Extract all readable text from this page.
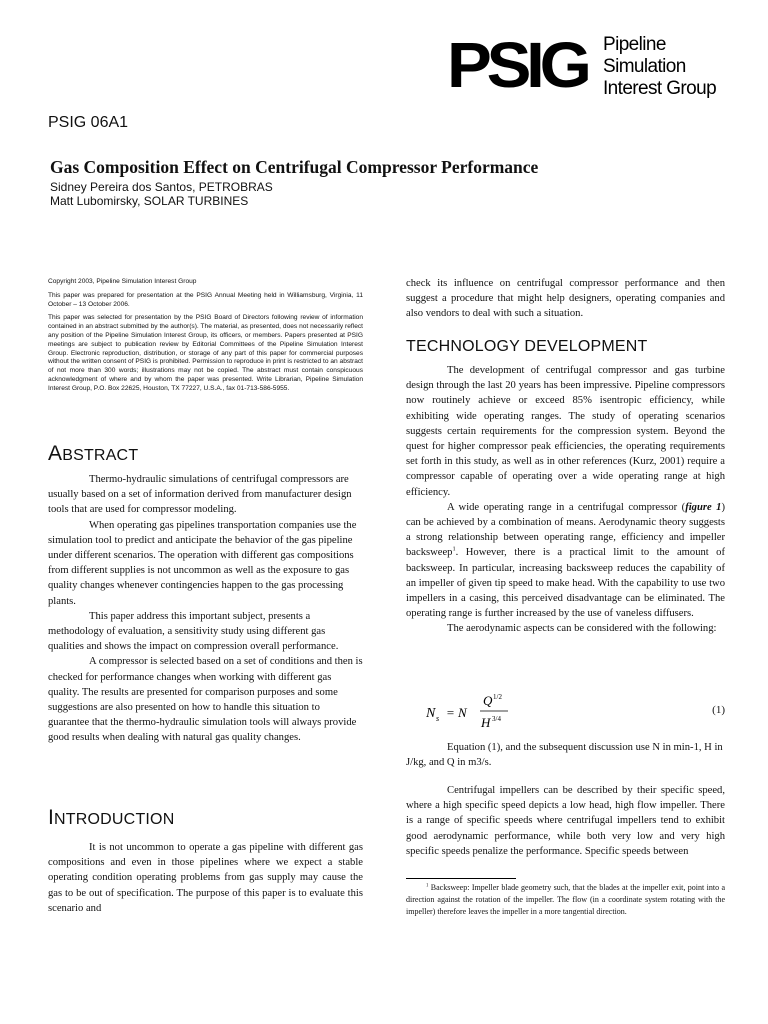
PSIG Pipeline
Simulation
Interest Group
PSIG 06A1
Gas Composition Effect on Centrifugal Compressor Performance
Sidney Pereira dos Santos, PETROBRAS
Matt Lubomirsky, SOLAR TURBINES

Copyright 2003, Pipeline Simulation Interest Group

This paper was prepared for presentation at the PSIG Annual Meeting held in Williamsburg, Virginia, 11 October – 13 October 2006.

This paper was selected for presentation by the PSIG Board of Directors following review of information contained in an abstract submitted by the author(s). The material, as presented, does not necessarily reflect any position of the Pipeline Simulation Interest Group, its officers, or members. Papers presented at PSIG meetings are subject to publication review by Editorial Committees of the Pipeline Simulation Interest Group. Electronic reproduction, distribution, or storage of any part of this paper for commercial purposes without the written consent of PSIG is prohibited. Permission to reproduce in print is restricted to an abstract of not more than 300 words; illustrations may not be copied. The abstract must contain conspicuous acknowledgment of where and by whom the paper was presented. Write Librarian, Pipeline Simulation Interest Group, P.O. Box 22625, Houston, TX 77227, U.S.A., fax 01-713-586-5955.

ABSTRACT

Thermo-hydraulic simulations of centrifugal compressors are usually based on a set of information derived from manufacturer design tools that are used for compressor modeling.

When operating gas pipelines transportation companies use the simulation tool to predict and anticipate the behavior of the gas pipeline under different scenarios. The operation with different gas compositions from different supplies is not uncommon as well as the exposure to gas quality changes whenever contingencies happen to the gas processing plants.

This paper address this important subject, presents a methodology of evaluation, a sensitivity study using different gas qualities and shows the impact on compression overall performance.

A compressor is selected based on a set of conditions and then is checked for performance changes when working with different gas quality. The results are presented for comparison purposes and some suggestions are also presented on how to handle this situation to guarantee that the thermo-hydraulic simulation tools will always provide good results when dealing with natural gas quality changes.

INTRODUCTION

It is not uncommon to operate a gas pipeline with different gas compositions and even in those pipelines where we expect a stable operating condition operating problems from gas supply may cause the gas to be out of specification. The purpose of this paper is to evaluate this scenario and

check its influence on centrifugal compressor performance and then suggest a procedure that might help designers, operating companies and also vendors to deal with such a situation.

TECHNOLOGY DEVELOPMENT

The development of centrifugal compressor and gas turbine design through the last 20 years has been impressive. Pipeline compressors now routinely achieve or exceed 85% isentropic efficiency, while exhibiting wide operating ranges. The study of operating scenarios suggests certain requirements for the compression system. Beyond the quest for higher compressor peak efficiencies, the operating requirements set forth in this study, as well as in other references (Kurz, 2001) require a compressor capable of operating over a wide operating range at high efficiency.

A wide operating range in a centrifugal compressor (figure 1) can be achieved by a combination of means. Aerodynamic theory suggests a strong relationship between operating range, efficiency and impeller backsweep$^1$. However, there is a practical limit to the amount of backsweep. In particular, increasing backsweep reduces the capability of an impeller of given tip speed to make head. With the capability to use two impellers in a casing, this perceived disadvantage can be eliminated. The operating range is further increased by the use of vaneless diffusers.

The aerodynamic aspects can be considered with the following:

N s = N
Q 1/2
H 3/4
(1)

Equation (1), and the subsequent discussion use N in min-1, H in J/kg, and Q in m3/s.

Centrifugal impellers can be described by their specific speed, where a high specific speed depicts a low head, high flow impeller. There is a range of specific speeds where centrifugal impellers tend to exhibit good aerodynamic performance, while both very low and very high specific speeds penalize the performance. Specific speeds between

$^1$ Backsweep: Impeller blade geometry such, that the blades at the impeller exit, point into a direction against the rotation of the impeller. The flow (in a coordinate system rotating with the impeller) therefore leaves the impeller in a more tangential direction.
